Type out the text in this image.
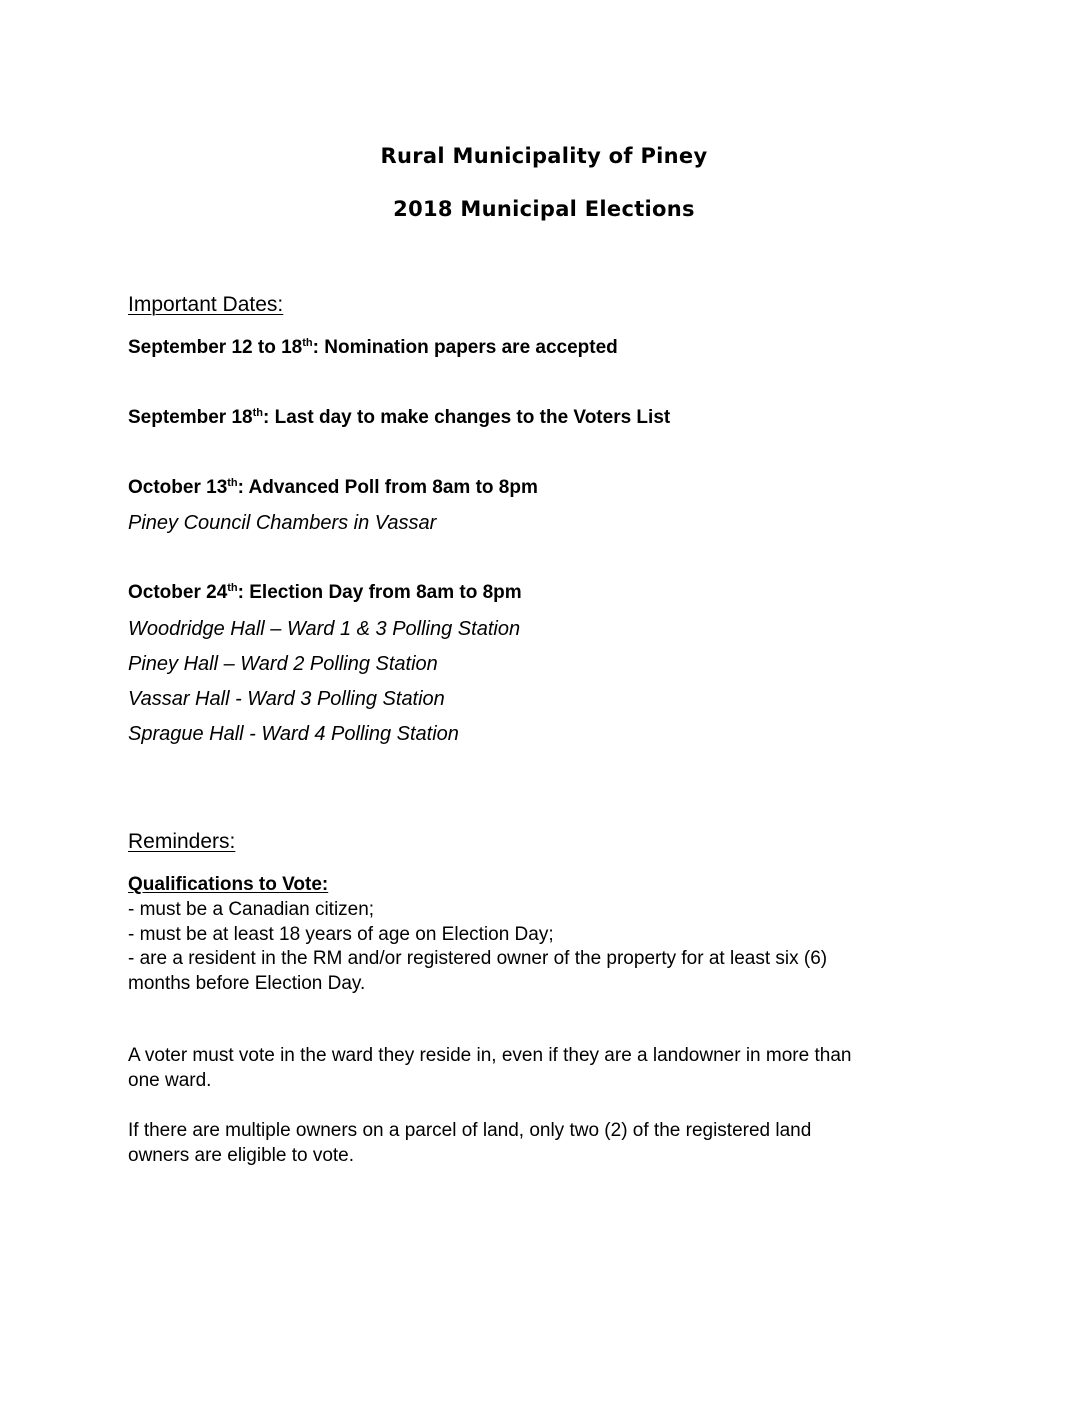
Rural Municipality of Piney
2018 Municipal Elections
Important Dates:
September 12 to 18th: Nomination papers are accepted
September 18th: Last day to make changes to the Voters List
October 13th: Advanced Poll from 8am to 8pm
Piney Council Chambers in Vassar
October 24th: Election Day from 8am to 8pm
Woodridge Hall – Ward 1 & 3 Polling Station
Piney Hall – Ward 2 Polling Station
Vassar Hall - Ward 3 Polling Station
Sprague Hall - Ward 4 Polling Station
Reminders:
Qualifications to Vote:
- must be a Canadian citizen;
- must be at least 18 years of age on Election Day;
- are a resident in the RM and/or registered owner of the property for at least six (6)
months before Election Day.
A voter must vote in the ward they reside in, even if they are a landowner in more than
one ward.
If there are multiple owners on a parcel of land, only two (2) of the registered land
owners are eligible to vote.
